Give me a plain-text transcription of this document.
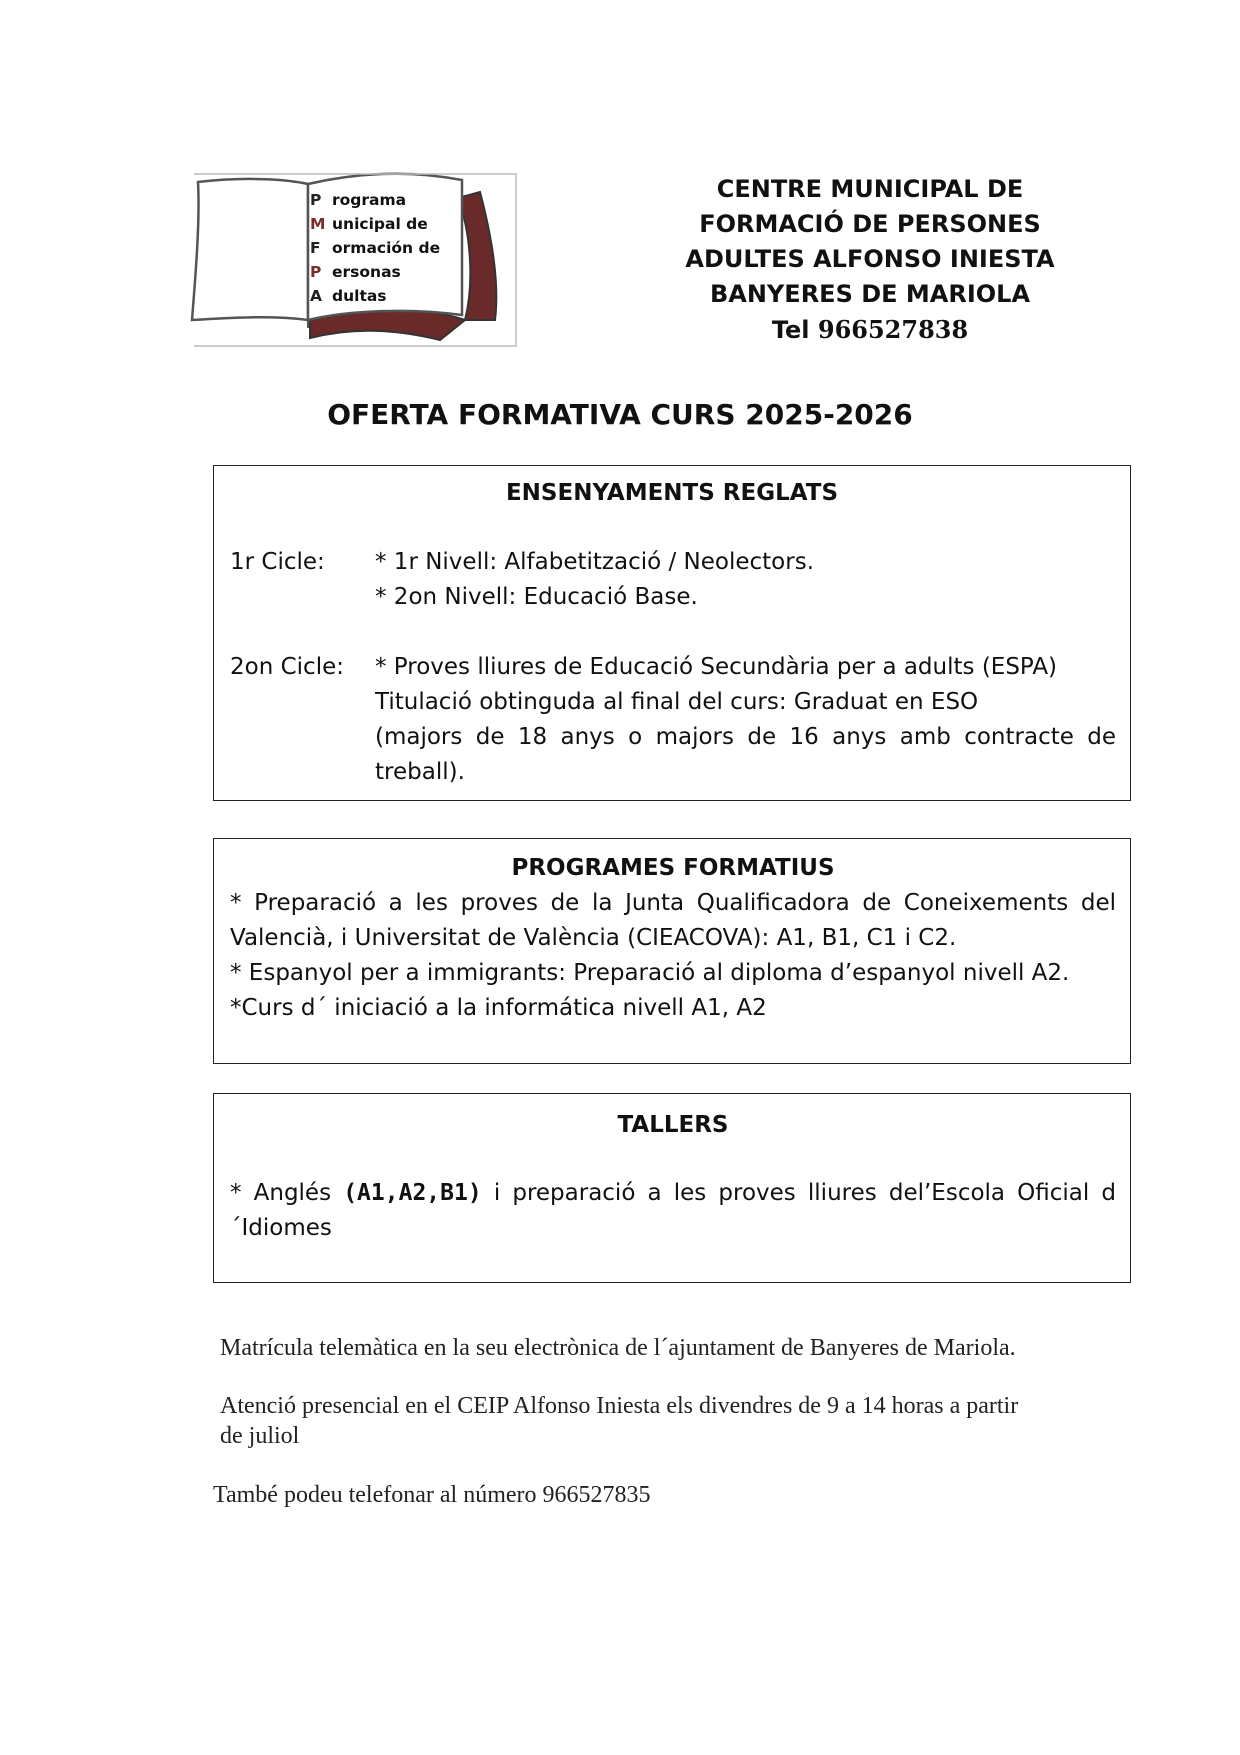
P rograma
M unicipal de
F ormación de
P ersonas
A dultas
CENTRE MUNICIPAL DE
FORMACIÓ DE PERSONES
ADULTES ALFONSO INIESTA
BANYERES DE MARIOLA
Tel 966527838
OFERTA FORMATIVA CURS 2025-2026
ENSENYAMENTS REGLATS
1r Cicle: * 1r Nivell: Alfabetització / Neolectors.
* 2on Nivell: Educació Base.
2on Cicle: * Proves lliures de Educació Secundària per a adults (ESPA)
Titulació obtinguda al final del curs: Graduat en ESO
(majors de 18 anys o majors de 16 anys amb contracte de treball).
PROGRAMES FORMATIUS
* Preparació a les proves de la Junta Qualificadora de Coneixements del Valencià, i Universitat de València (CIEACOVA): A1, B1, C1 i C2.
* Espanyol per a immigrants: Preparació al diploma d’espanyol nivell A2.
*Curs d´ iniciació a la informática nivell A1, A2
TALLERS
* Anglés (A1,A2,B1) i preparació a les proves lliures del’Escola Oficial d´Idiomes
Matrícula telemàtica en la seu electrònica de l´ajuntament de Banyeres de Mariola.
Atenció presencial en el CEIP Alfonso Iniesta els divendres de 9 a 14 horas a partir
de juliol
També podeu telefonar al número 966527835
